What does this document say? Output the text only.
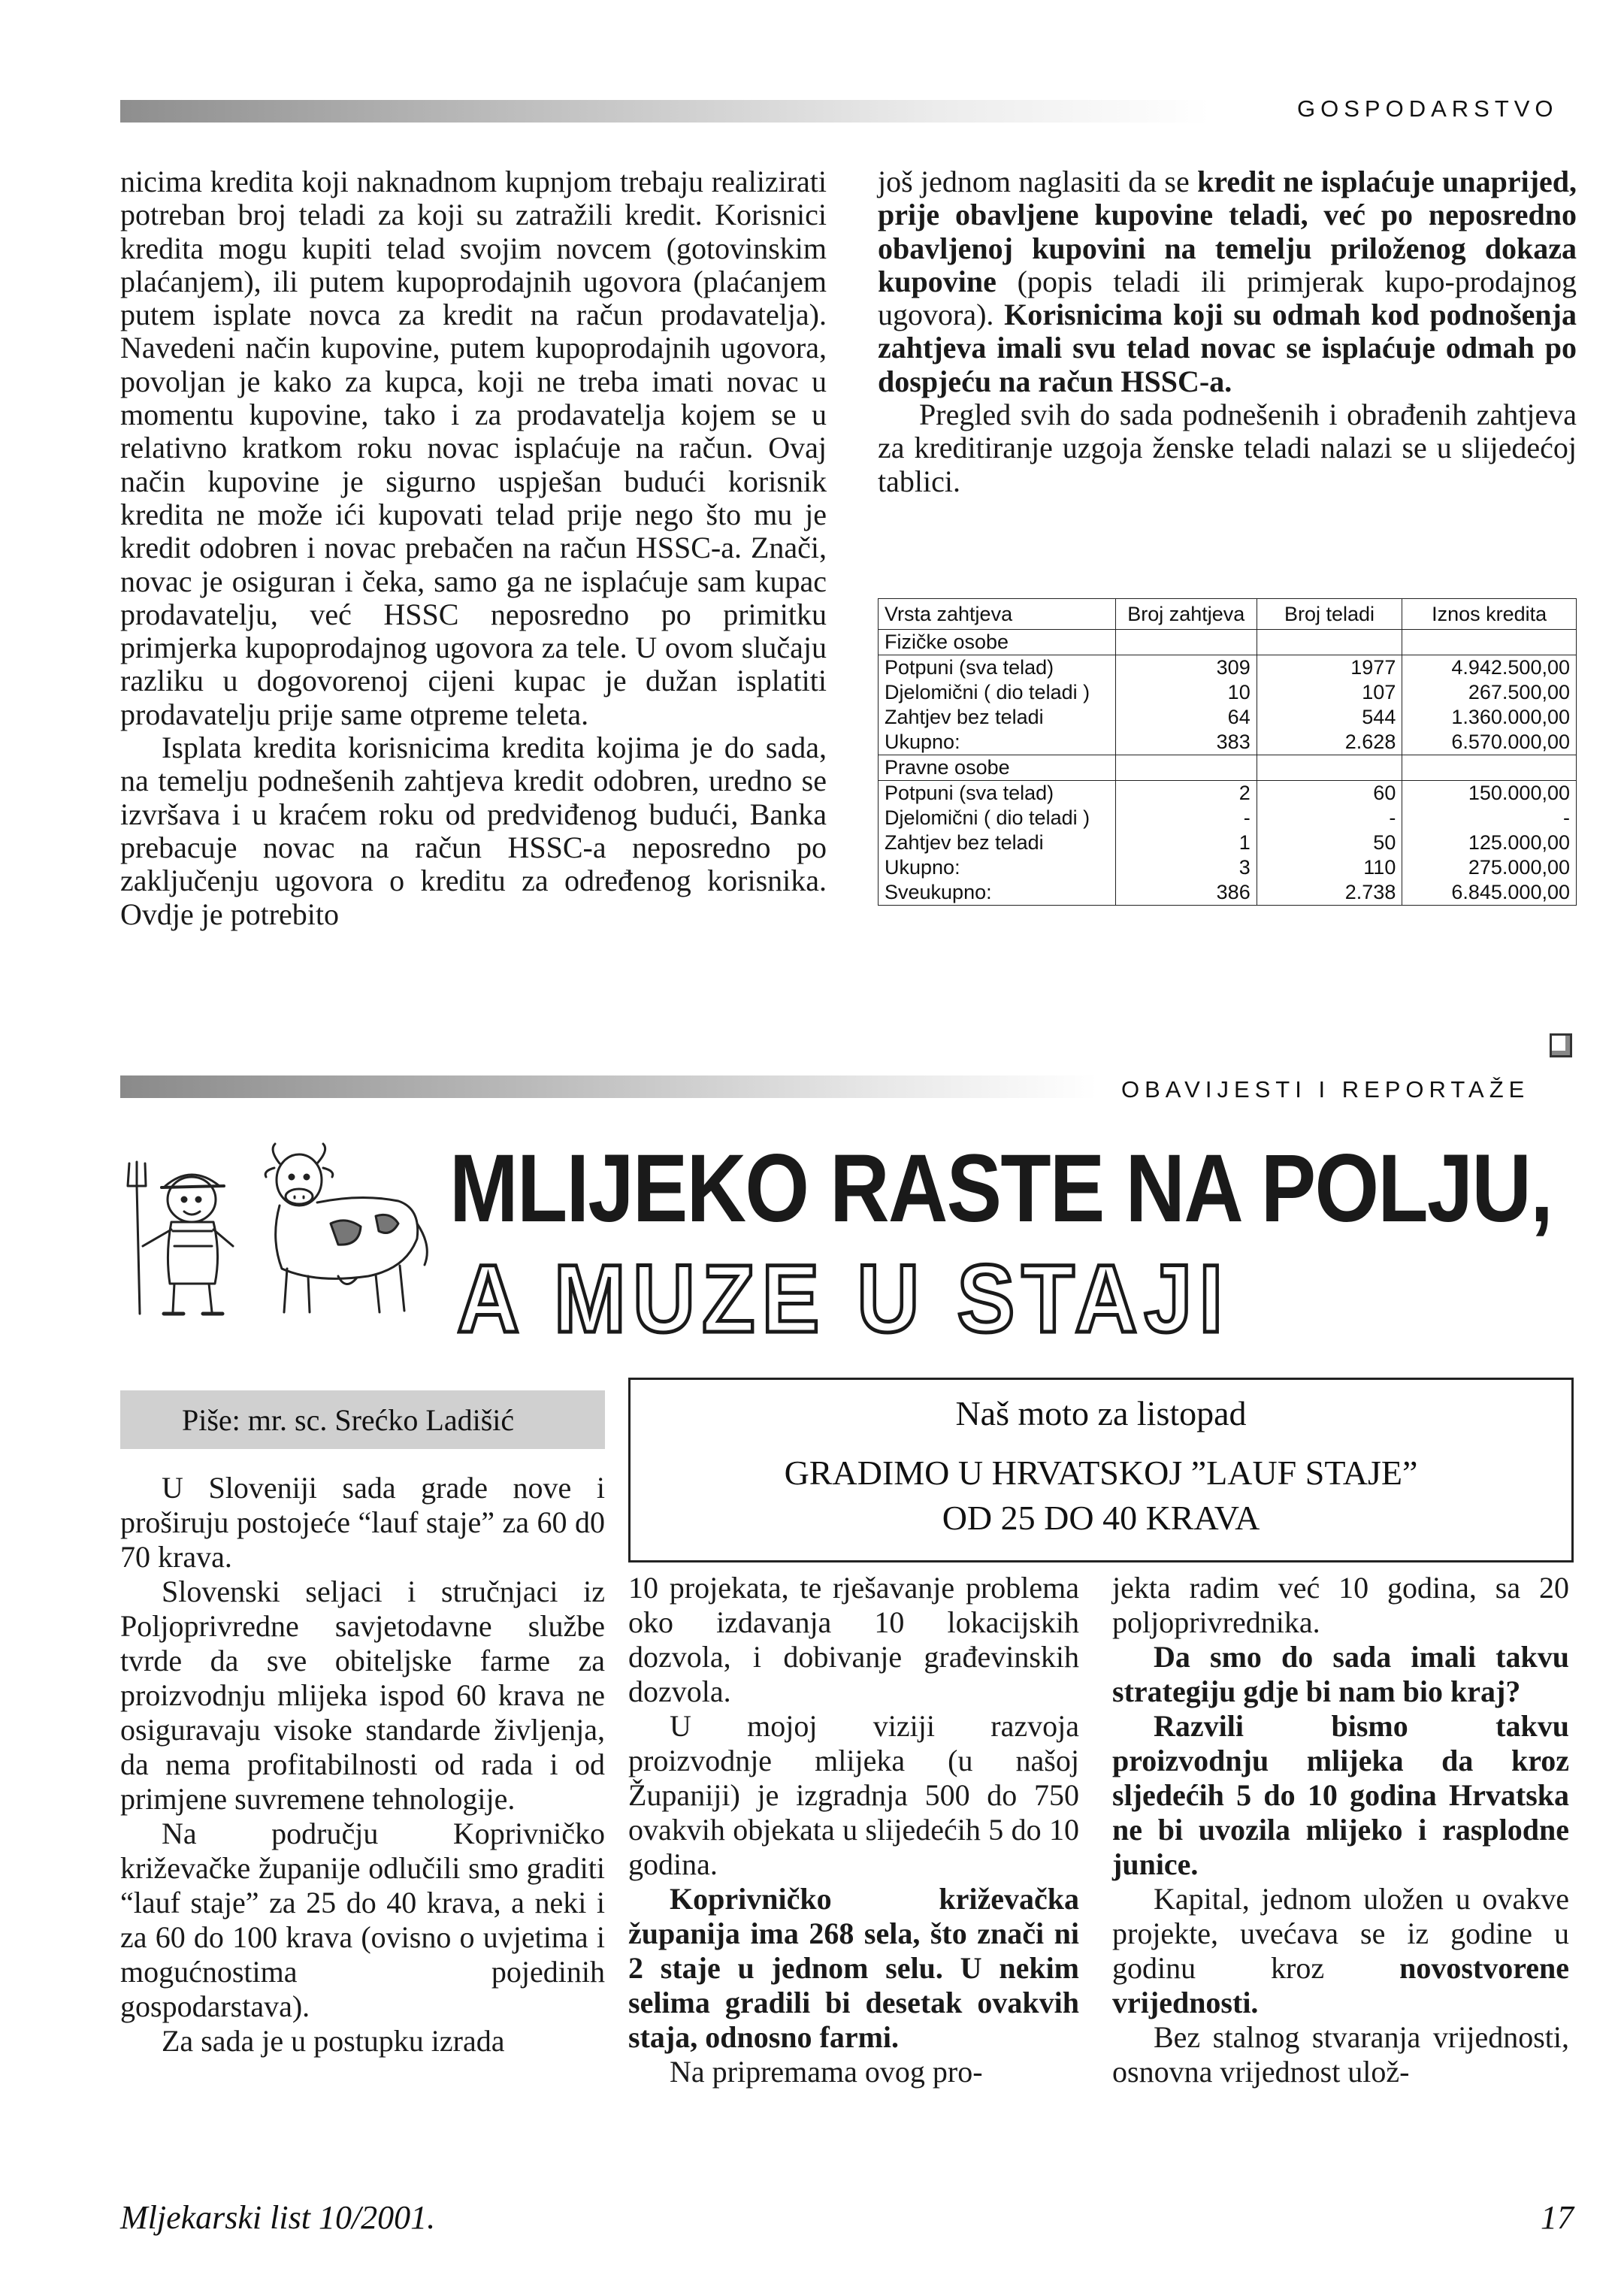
GOSPODARSTVO

nicima kredita koji naknadnom kupnjom trebaju realizirati potreban broj teladi za koji su zatražili kredit. Korisnici kredita mogu kupiti telad svojim novcem (gotovinskim plaćanjem), ili putem kupoprodajnih ugovora (plaćanjem putem isplate novca za kredit na račun prodavatelja). Navedeni način kupovine, putem kupoprodajnih ugovora, povoljan je kako za kupca, koji ne treba imati novac u momentu kupovine, tako i za prodavatelja kojem se u relativno kratkom roku novac isplaćuje na račun. Ovaj način kupovine je sigurno uspješan budući korisnik kredita ne može ići kupovati telad prije nego što mu je kredit odobren i novac prebačen na račun HSSC-a. Znači, novac je osiguran i čeka, samo ga ne isplaćuje sam kupac prodavatelju, već HSSC neposredno po primitku primjerka kupoprodajnog ugovora za tele. U ovom slučaju razliku u dogovorenoj cijeni kupac je dužan isplatiti prodavatelju prije same otpreme teleta.

Isplata kredita korisnicima kredita kojima je do sada, na temelju podnešenih zahtjeva kredit odobren, uredno se izvršava i u kraćem roku od predviđenog budući, Banka prebacuje novac na račun HSSC-a neposredno po zaključenju ugovora o kreditu za određenog korisnika. Ovdje je potrebito

još jednom naglasiti da se kredit ne isplaćuje unaprijed, prije obavljene kupovine teladi, već po neposredno obavljenoj kupovini na temelju priloženog dokaza kupovine (popis teladi ili primjerak kupo-prodajnog ugovora). Korisnicima koji su odmah kod podnošenja zahtjeva imali svu telad novac se isplaćuje odmah po dospjeću na račun HSSC-a.

Pregled svih do sada podnešenih i obrađenih zahtjeva za kreditiranje uzgoja ženske teladi nalazi se u slijedećoj tablici.

Vrsta zahtjeva	Broj zahtjeva	Broj teladi	Iznos kredita
Fizičke osobe			
Potpuni (sva telad)	309	1977	4.942.500,00
Djelomični ( dio teladi )	10	107	267.500,00
Zahtjev bez teladi	64	544	1.360.000,00
Ukupno:	383	2.628	6.570.000,00
Pravne osobe			
Potpuni (sva telad)	2	60	150.000,00
Djelomični ( dio teladi )	-	-	-
Zahtjev bez teladi	1	50	125.000,00
Ukupno:	3	110	275.000,00
Sveukupno:	386	2.738	6.845.000,00
OBAVIJESTI I REPORTAŽE
MLIJEKO RASTE NA POLJU,
A MUZE U STAJI
Piše: mr. sc. Srećko Ladišić	Naš moto za listopad
GRADIMO U HRVATSKOJ ”LAUF STAJE”
OD 25 DO 40 KRAVA

U Sloveniji sada grade nove i proširuju postojeće “lauf staje” za 60 d0 70 krava.

Slovenski seljaci i stručnjaci iz Poljoprivredne savjetodavne službe tvrde da sve obiteljske farme za proizvodnju mlijeka ispod 60 krava ne osiguravaju visoke standarde življenja, da nema profitabilnosti od rada i od primjene suvremene tehnologije.

Na području Koprivničko križevačke županije odlučili smo graditi “lauf staje” za 25 do 40 krava, a neki i za 60 do 100 krava (ovisno o uvjetima i mogućnostima pojedinih gospodarstava).

Za sada je u postupku izrada

10 projekata, te rješavanje problema oko izdavanja 10 lokacijskih dozvola, i dobivanje građevinskih dozvola.

U mojoj viziji razvoja proizvodnje mlijeka (u našoj Županiji) je izgradnja 500 do 750 ovakvih objekata u slijedećih 5 do 10 godina.

Koprivničko križevačka županija ima 268 sela, što znači ni 2 staje u jednom selu. U nekim selima gradili bi desetak ovakvih staja, odnosno farmi.

Na pripremama ovog pro-

jekta radim već 10 godina, sa 20 poljoprivrednika.

Da smo do sada imali takvu strategiju gdje bi nam bio kraj?

Razvili bismo takvu proizvodnju mlijeka da kroz sljedećih 5 do 10 godina Hrvatska ne bi uvozila mlijeko i rasplodne junice.

Kapital, jednom uložen u ovakve projekte, uvećava se iz godine u godinu kroz novostvorene vrijednosti.

Bez stalnog stvaranja vrijednosti, osnovna vrijednost ulož-

Mljekarski list 10/2001.	17
